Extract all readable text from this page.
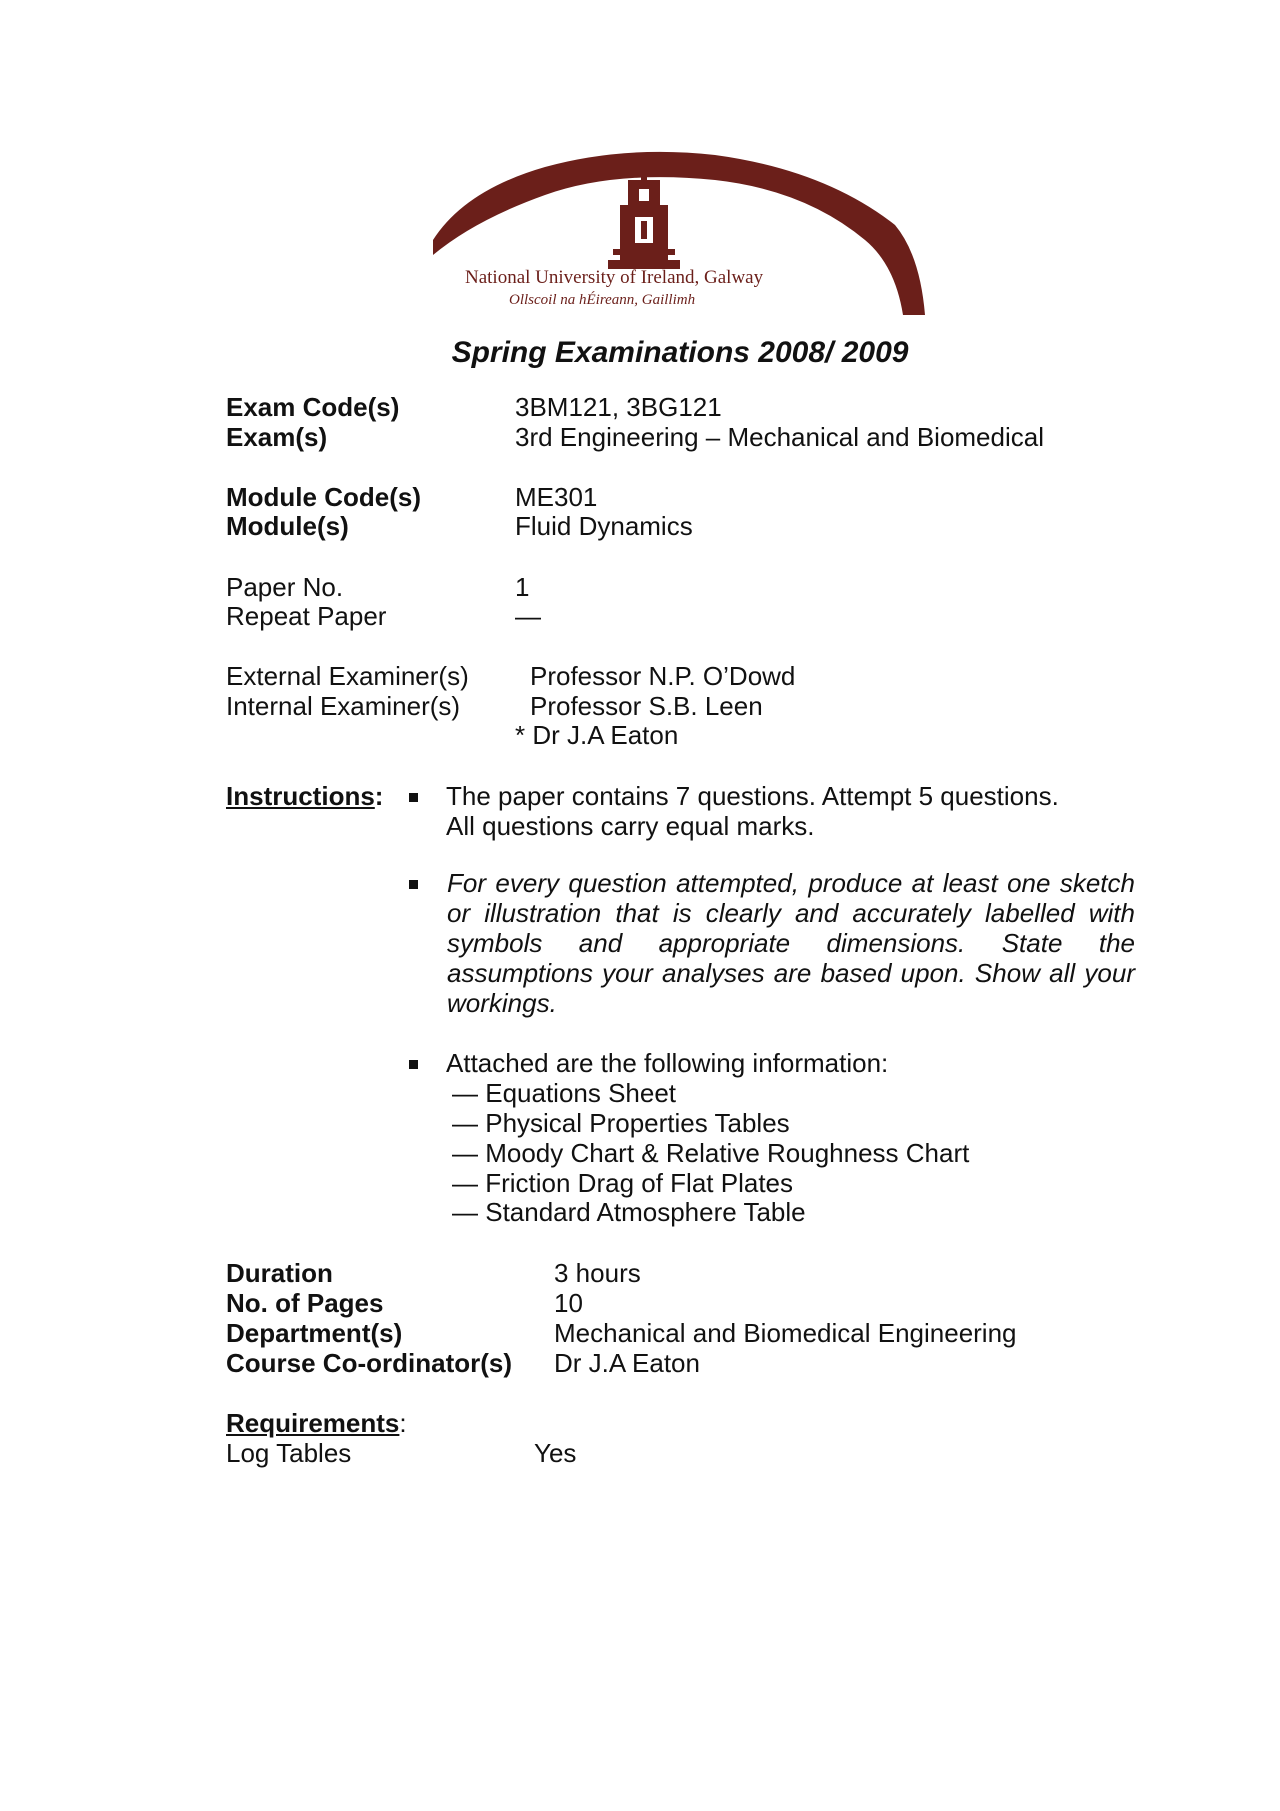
National University of Ireland, Galway
Ollscoil na hÉireann, Gaillimh
Spring Examinations 2008/ 2009
Exam Code(s)	3BM121, 3BG121
Exam(s)	3rd Engineering – Mechanical and Biomedical
Module Code(s)	ME301
Module(s)	Fluid Dynamics
Paper No.	1
Repeat Paper	—
External Examiner(s) Professor N.P. O’Dowd
Internal Examiner(s)	Professor S.B. Leen
* Dr J.A Eaton
Instructions: The paper contains 7 questions. Attempt 5 questions.
All questions carry equal marks.
For every question attempted, produce at least one sketch or illustration that is clearly and accurately labelled with symbols and appropriate dimensions. State the assumptions your analyses are based upon. Show all your workings.
Attached are the following information:
— Equations Sheet
— Physical Properties Tables
— Moody Chart & Relative Roughness Chart
— Friction Drag of Flat Plates
— Standard Atmosphere Table
Duration	3 hours
No. of Pages	10
Department(s)	Mechanical and Biomedical Engineering
Course Co-ordinator(s) Dr J.A Eaton
Requirements:
Log Tables	Yes
